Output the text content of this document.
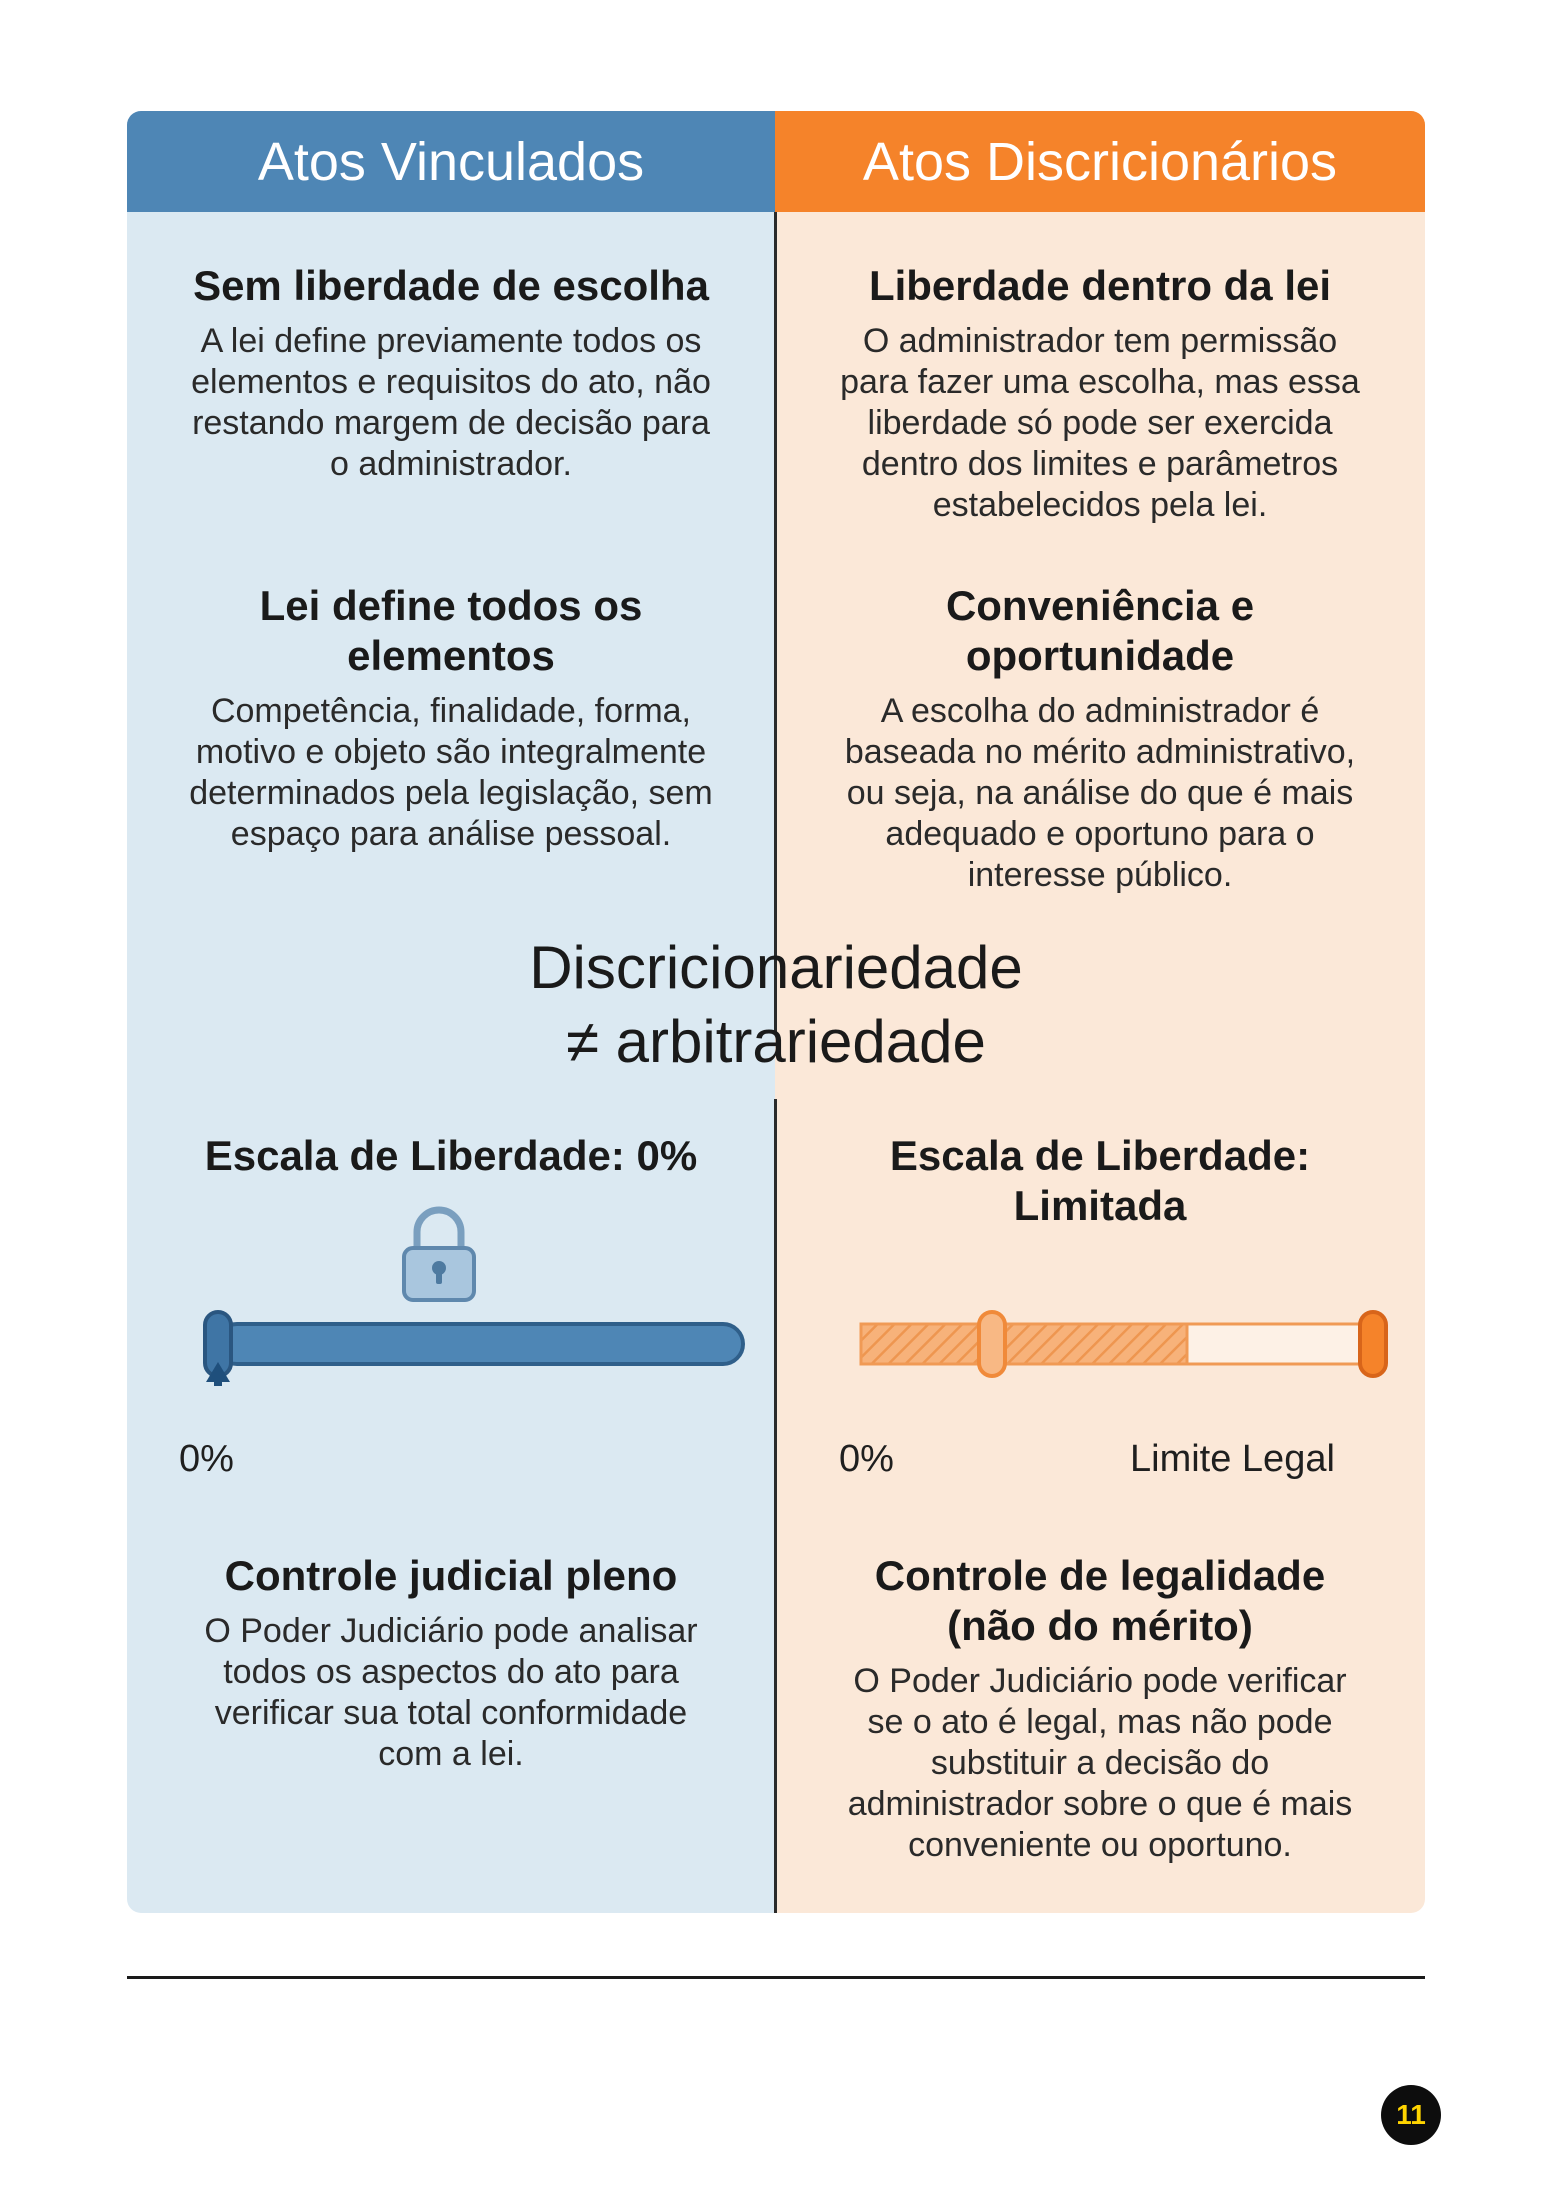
Atos Vinculados	Atos Discricionários
Sem liberdade de escolha

A lei define previamente todos os
elementos e requisitos do ato, não
restando margem de decisão para
o administrador.

Liberdade dentro da lei

O administrador tem permissão
para fazer uma escolha, mas essa
liberdade só pode ser exercida
dentro dos limites e parâmetros
estabelecidos pela lei.

Lei define todos os
elementos

Competência, finalidade, forma,
motivo e objeto são integralmente
determinados pela legislação, sem
espaço para análise pessoal.

Conveniência e
oportunidade

A escolha do administrador é
baseada no mérito administrativo,
ou seja, na análise do que é mais
adequado e oportuno para o
interesse público.

Discricionariedade
≠ arbitrariedade
Escala de Liberdade: 0%
0%
Escala de Liberdade:
Limitada
0%	Limite Legal
Controle judicial pleno

O Poder Judiciário pode analisar
todos os aspectos do ato para
verificar sua total conformidade
com a lei.

Controle de legalidade
(não do mérito)

O Poder Judiciário pode verificar
se o ato é legal, mas não pode
substituir a decisão do
administrador sobre o que é mais
conveniente ou oportuno.

11
